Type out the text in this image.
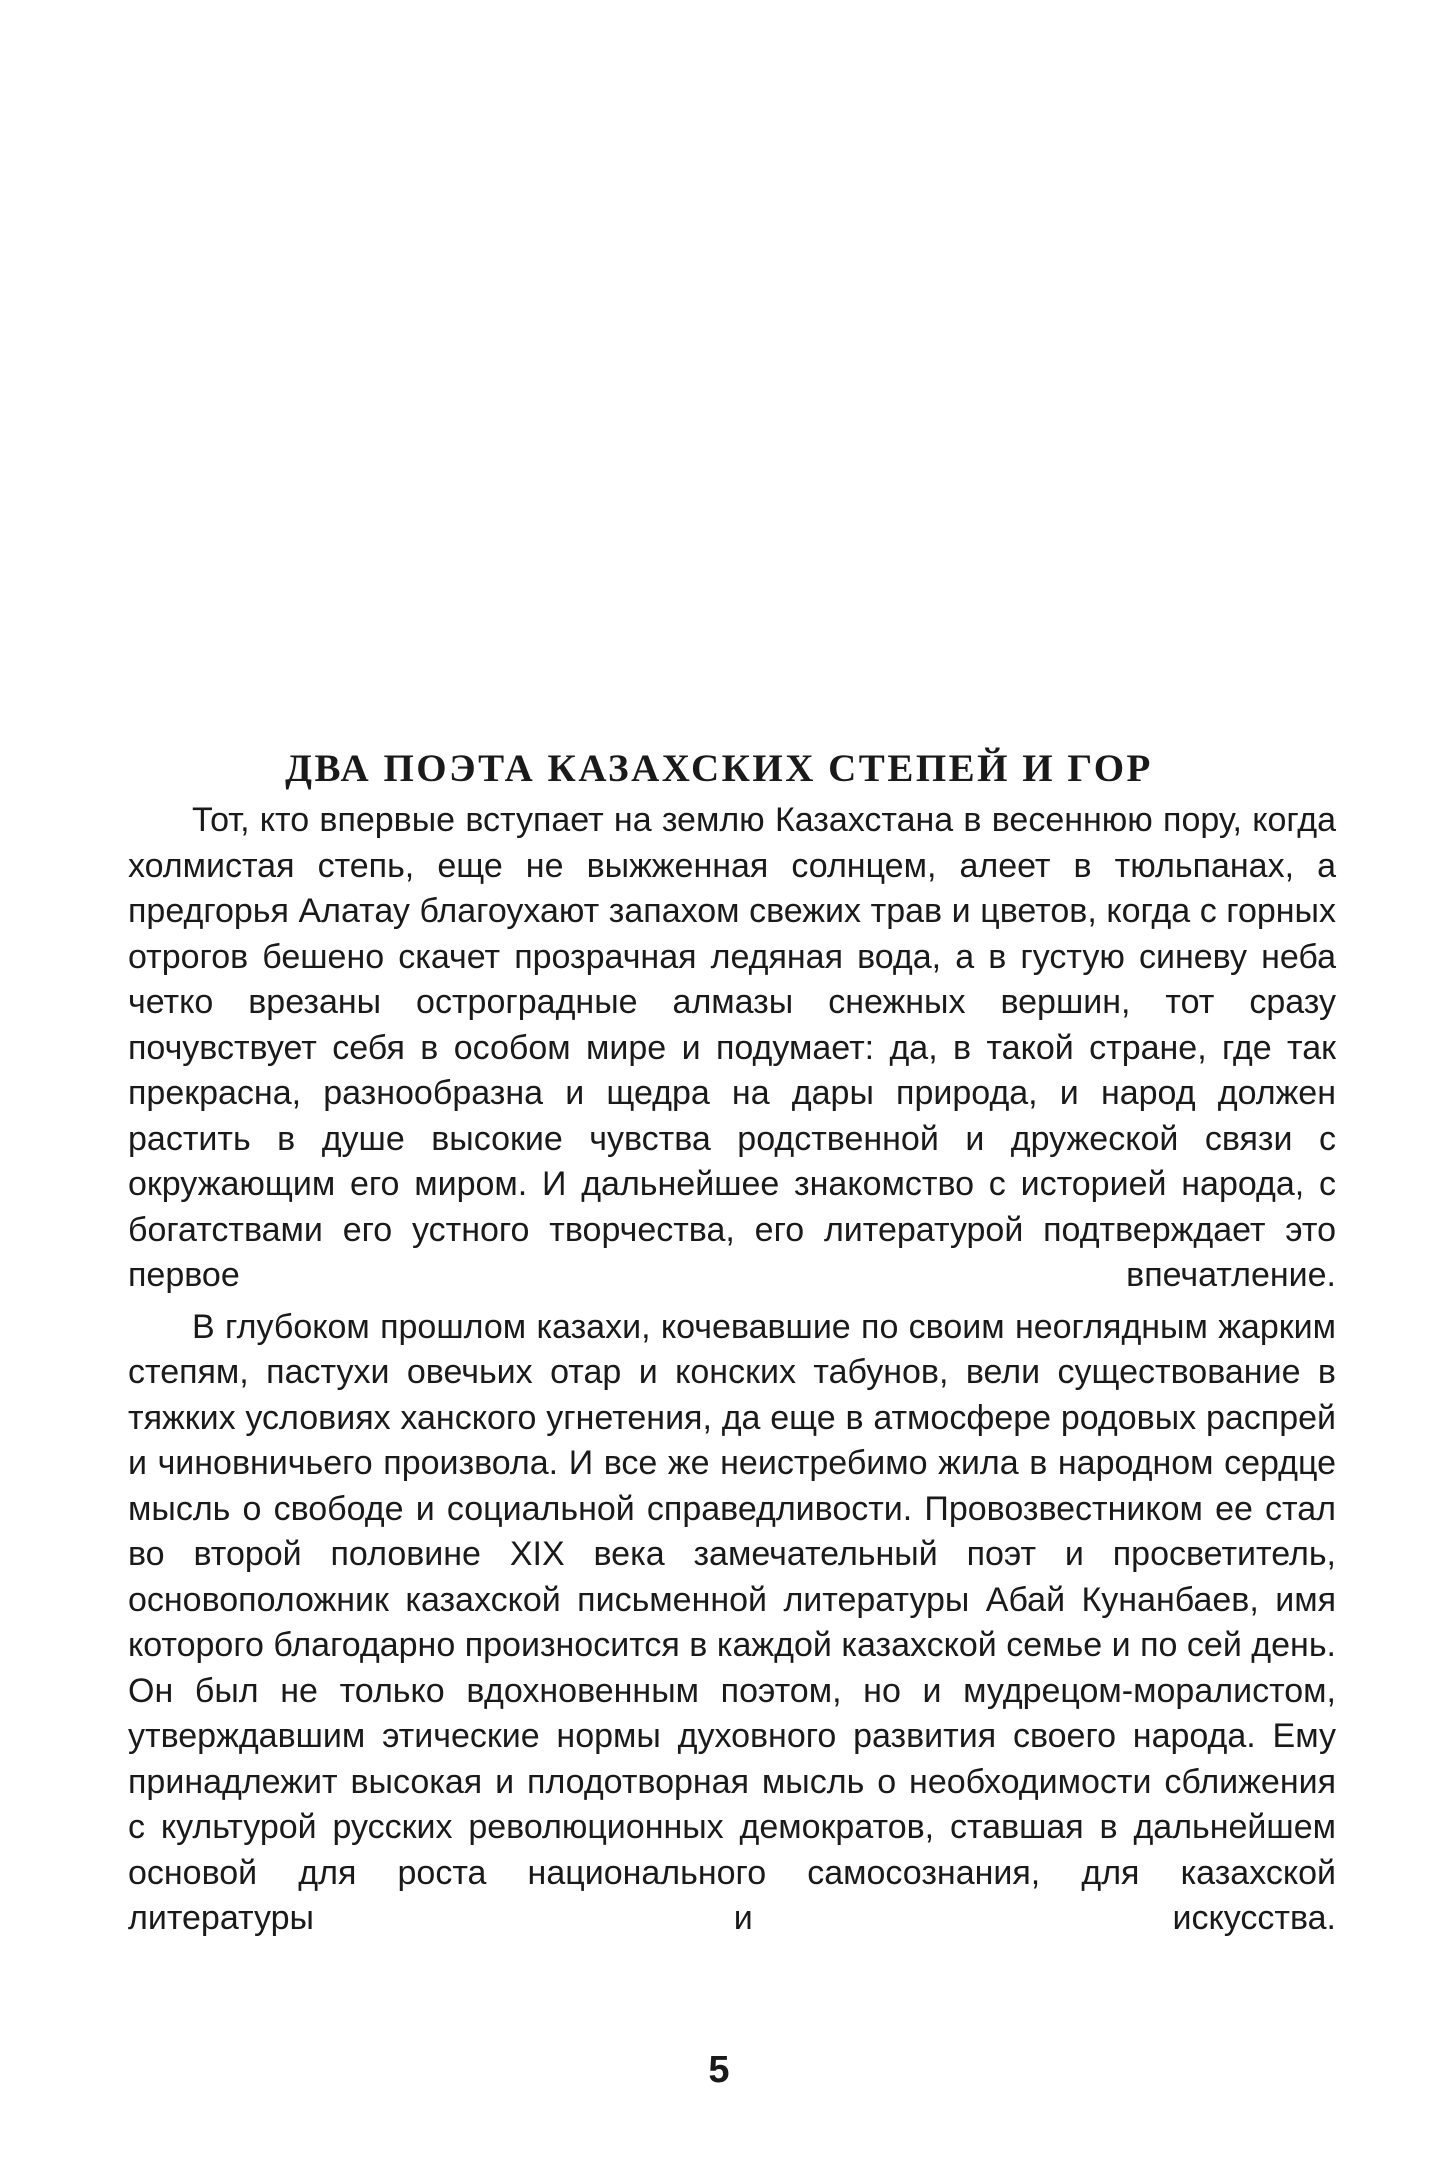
ДВА ПОЭТА КАЗАХСКИХ СТЕПЕЙ И ГОР

Тот, кто впервые вступает на землю Казахстана в весеннюю пору, когда холмистая степь, еще не выжженная солнцем, алеет в тюльпанах, а предгорья Алатау благоухают запахом свежих трав и цветов, когда с горных отрогов бешено скачет прозрачная ледяная вода, а в густую синеву неба четко врезаны остроградные алмазы снежных вершин, тот сразу почувствует себя в особом мире и подумает: да, в такой стране, где так прекрасна, разнообразна и щедра на дары природа, и народ должен растить в душе высокие чувства родственной и дружеской связи с окружающим его миром. И дальнейшее знакомство с историей народа, с богатствами его устного творчества, его литературой подтверждает это первое впечатление.

В глубоком прошлом казахи, кочевавшие по своим неоглядным жарким степям, пастухи овечьих отар и конских табунов, вели существование в тяжких условиях ханского угнетения, да еще в атмосфере родовых распрей и чиновничьего произвола. И все же неистребимо жила в народном сердце мысль о свободе и социальной справедливости. Провозвестником ее стал во второй половине XIX века замечательный поэт и просветитель, основоположник казахской письменной литературы Абай Кунанбаев, имя которого благодарно произносится в каждой казахской семье и по сей день. Он был не только вдохновенным поэтом, но и мудрецом-моралистом, утверждавшим этические нормы духовного развития своего народа. Ему принадлежит высокая и плодотворная мысль о необходимости сближения с культурой русских революционных демократов, ставшая в дальнейшем основой для роста национального самосознания, для казахской литературы и искусства.

5
